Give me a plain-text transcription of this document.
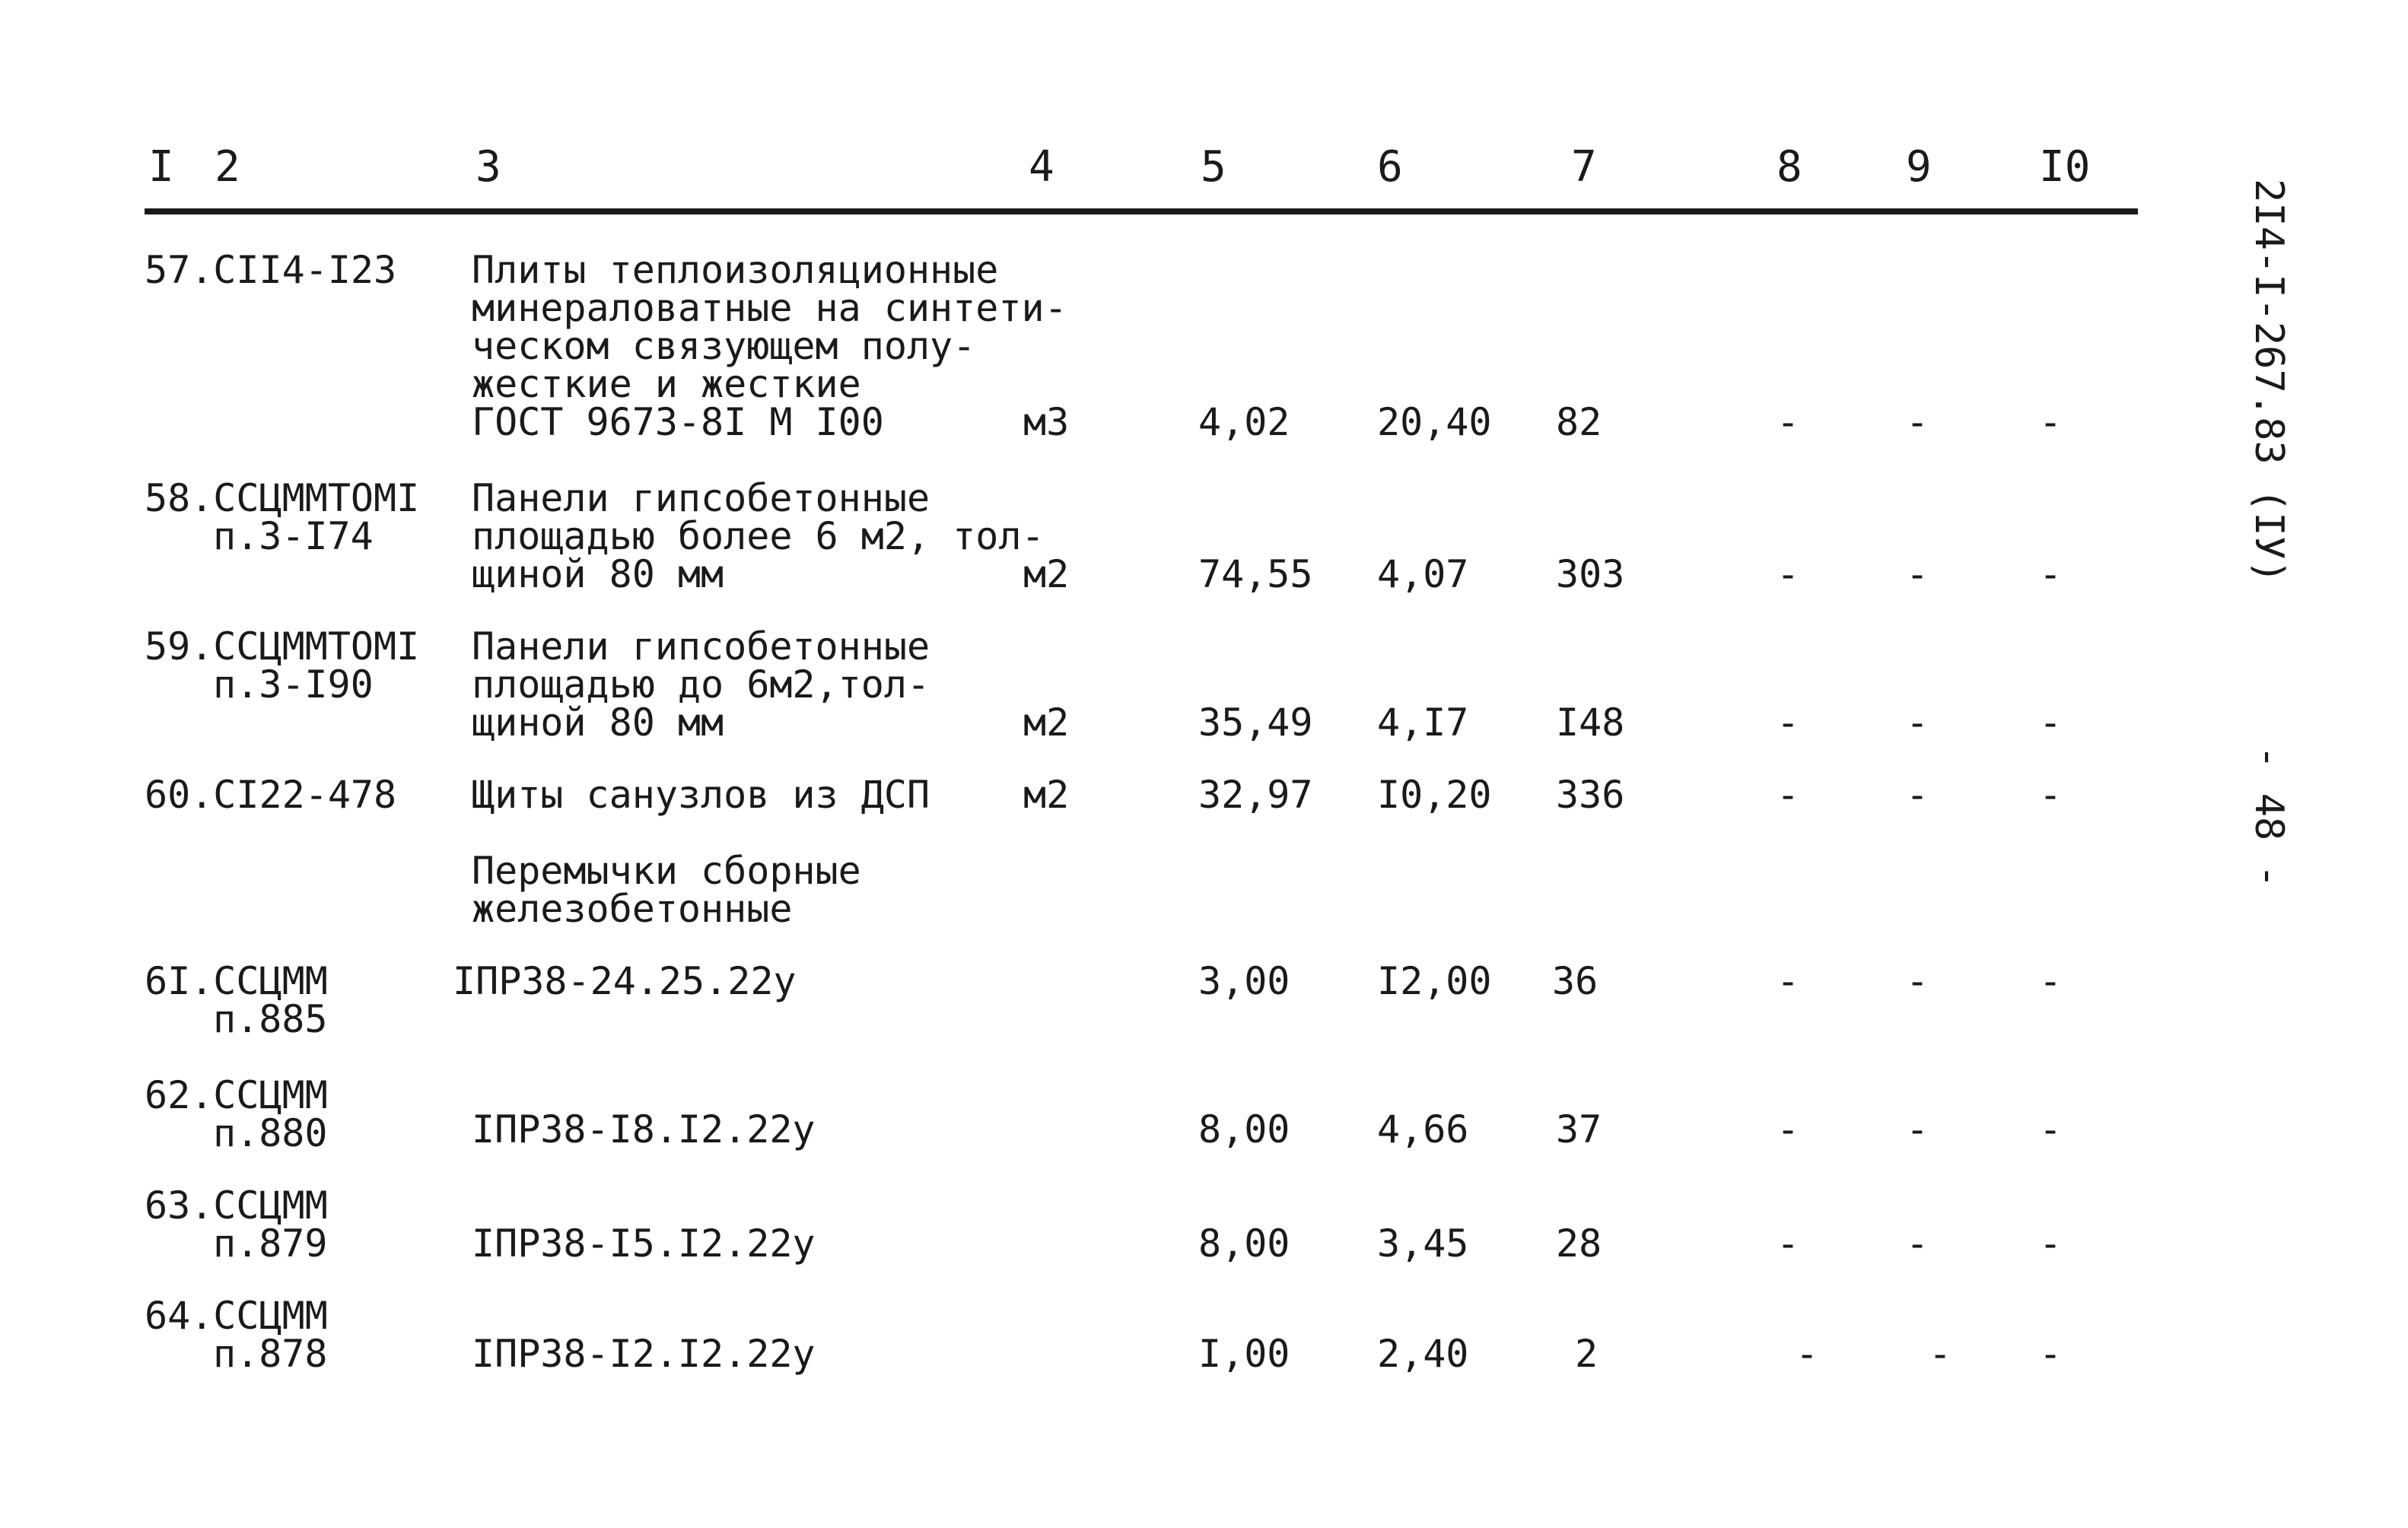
I 2	3	4	5	6	7	8 9	I0
57.CII4-I23 Плиты теплоизоляционные
минераловатные на синтети-
ческом связующем полу-
жесткие и жесткие
ГОСТ 9673-8I М I00	м3	4,02 20,40 82	-	-	-
58.ССЦММТОМI
п.3-I74
Панели гипсобетонные
площадью более 6 м2, тол-
щиной 80 мм	м2	74,55 4,07 303	-	-	-
59.ССЦММТОМI
п.3-I90
Панели гипсобетонные
площадью до 6м2,тол-
щиной 80 мм	м2	35,49 4,I7 I48	-	-	-
60.CI22-478 Щиты санузлов из ДСП м2	32,97 I0,20 336	-	-	-
Перемычки сборные
железобетонные
6I.ССЦММ
п.885
IПР38-24.25.22у	3,00 I2,00 36	-	-	-
62.ССЦММ
п.880	IПР38-I8.I2.22у	8,00 4,66 37	-	-	-
63.ССЦММ
п.879	IПР38-I5.I2.22у	8,00 3,45 28	-	-	-
64.ССЦММ
п.878	IПР38-I2.I2.22у	I,00 2,40	2	-	- -
2I4-I-267.83 (IУ)
- 48 -
